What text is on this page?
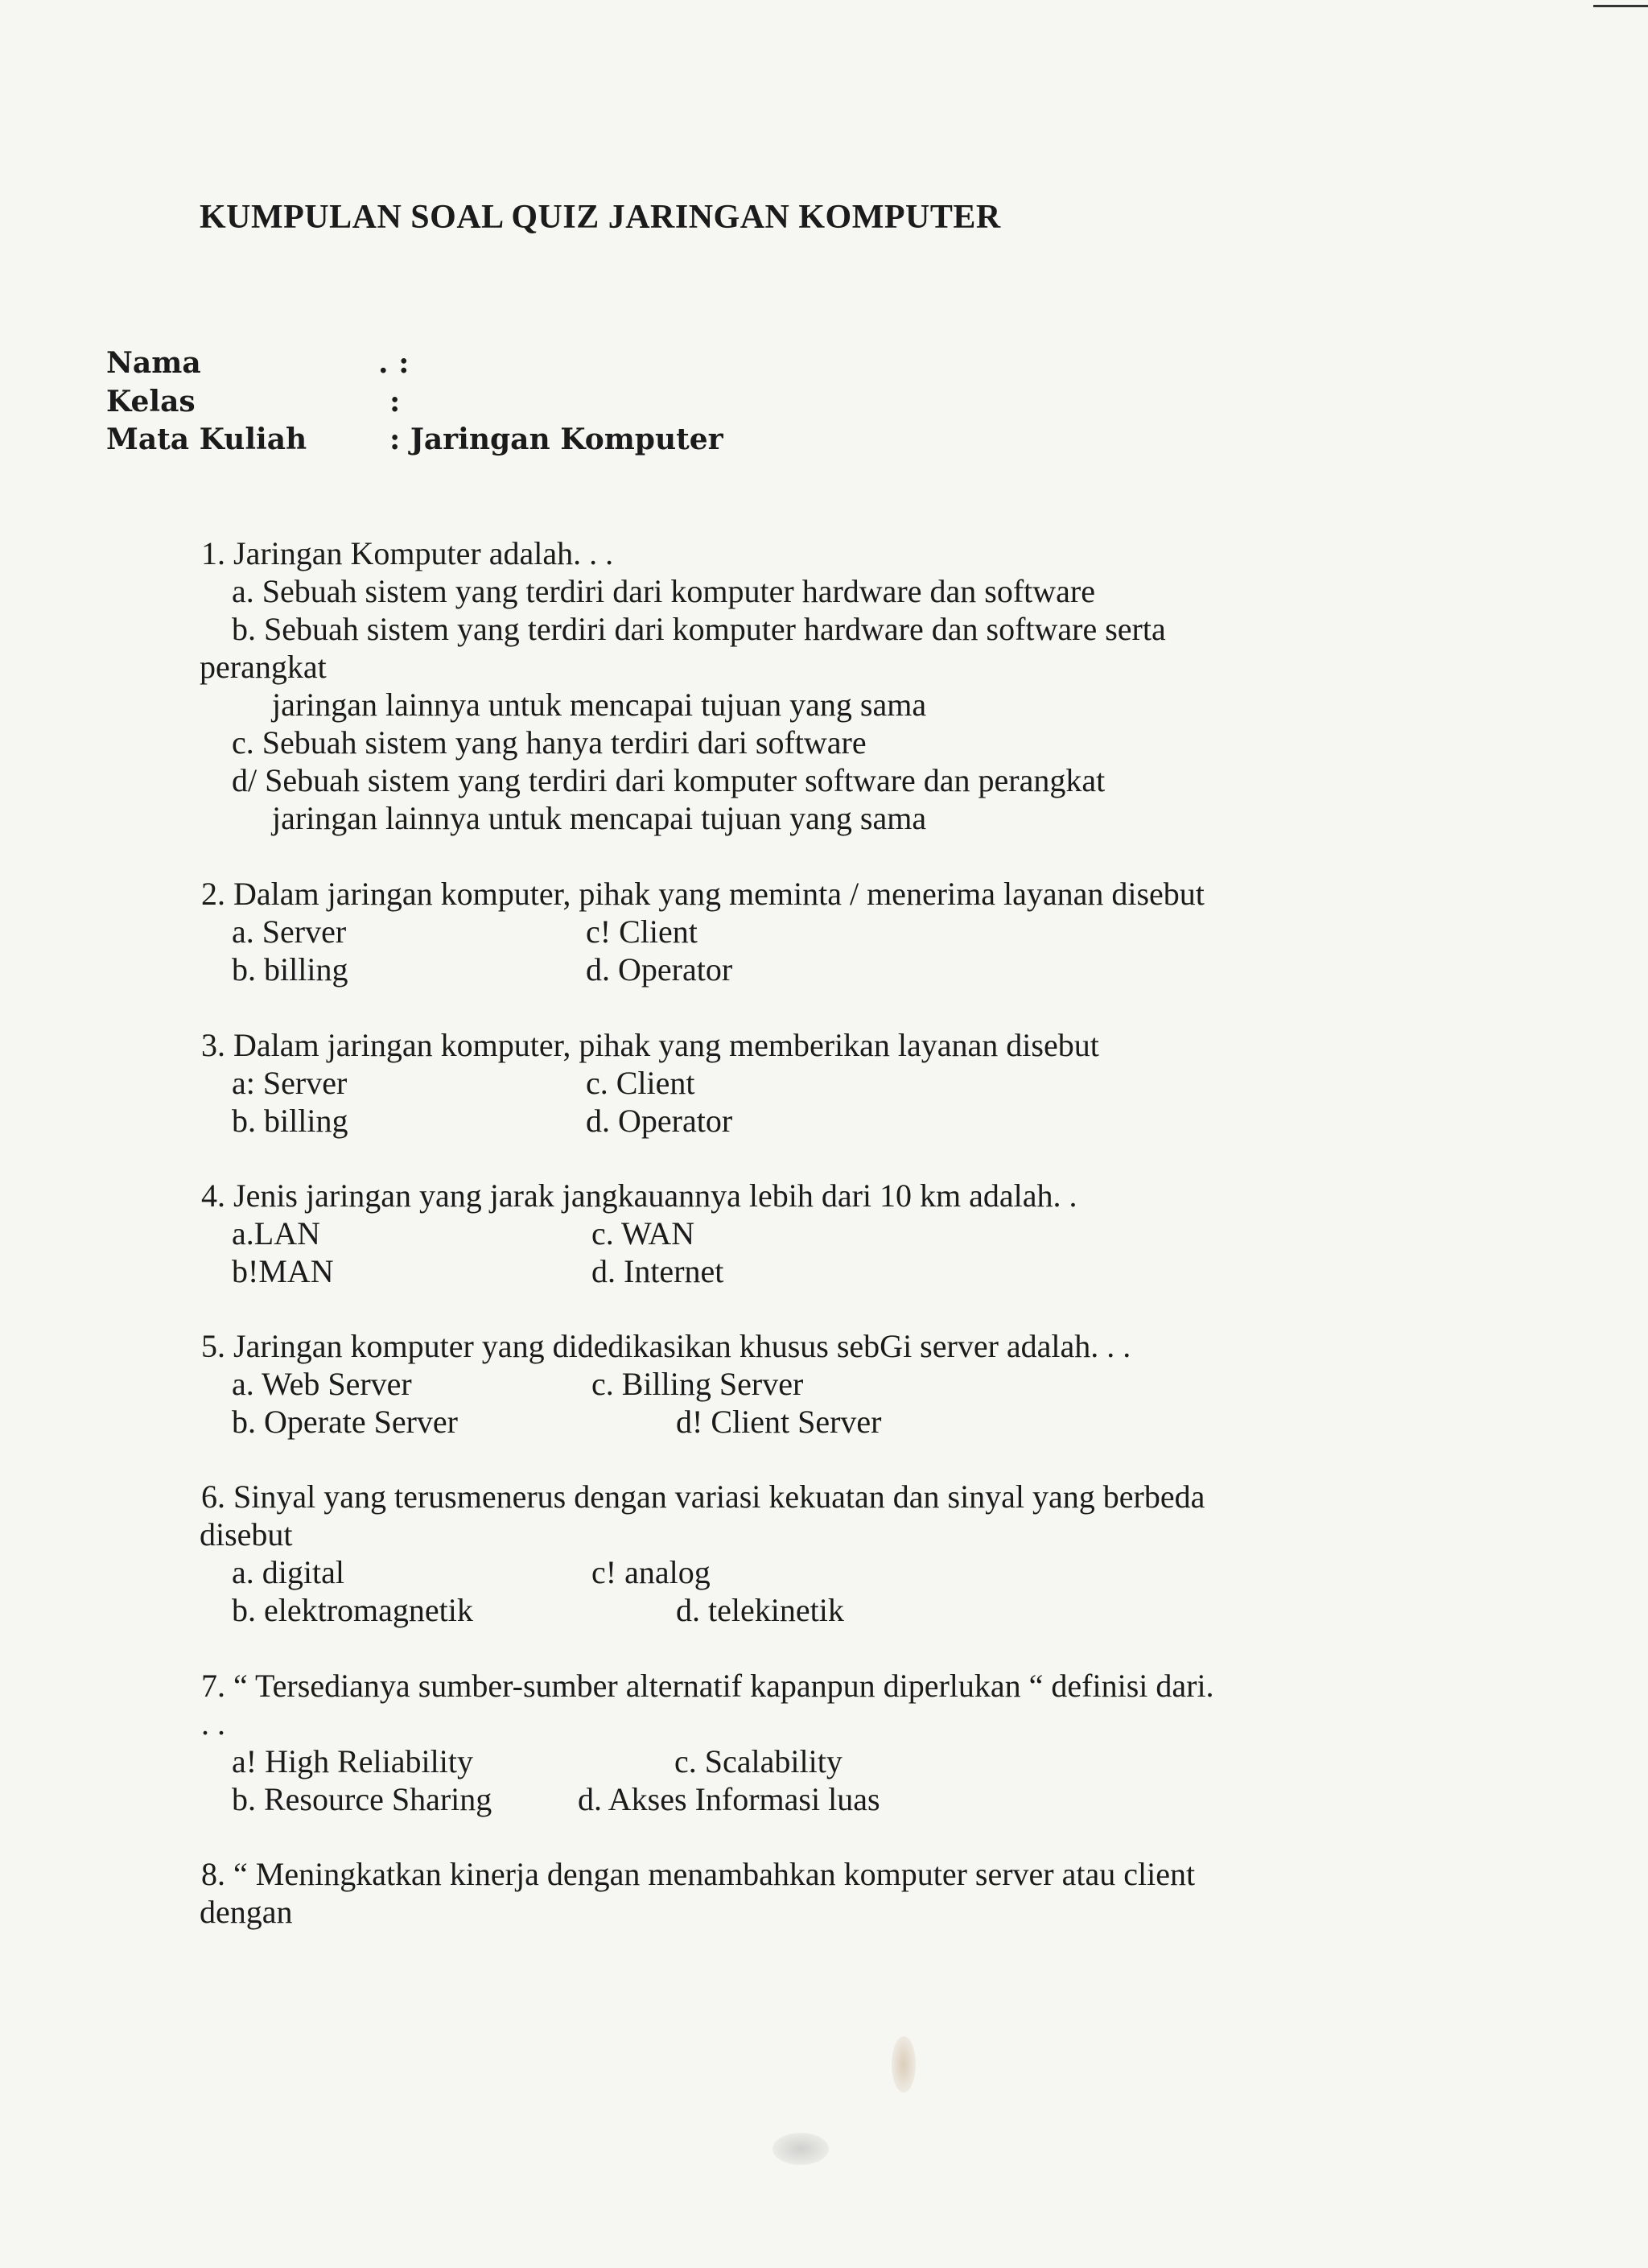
KUMPULAN SOAL QUIZ JARINGAN KOMPUTER
Nama	. :
Kelas	:
Mata Kuliah	: Jaringan Komputer
1. Jaringan Komputer adalah. . .
a. Sebuah sistem yang terdiri dari komputer hardware dan software
b. Sebuah sistem yang terdiri dari komputer hardware dan software serta
perangkat
jaringan lainnya untuk mencapai tujuan yang sama
c. Sebuah sistem yang hanya terdiri dari software
d/ Sebuah sistem yang terdiri dari komputer software dan perangkat
jaringan lainnya untuk mencapai tujuan yang sama
2. Dalam jaringan komputer, pihak yang meminta / menerima layanan disebut
a. Server	c! Client
b. billing	d. Operator
3. Dalam jaringan komputer, pihak yang memberikan layanan disebut
a: Server	c. Client
b. billing	d. Operator
4. Jenis jaringan yang jarak jangkauannya lebih dari 10 km adalah. .
a.LAN	c. WAN
b!MAN	d. Internet
5. Jaringan komputer yang didedikasikan khusus sebGi server adalah. . .
a. Web Server	c. Billing Server
b. Operate Server	d! Client Server
6. Sinyal yang terusmenerus dengan variasi kekuatan dan sinyal yang berbeda
disebut
a. digital	c! analog
b. elektromagnetik	d. telekinetik
7. “ Tersedianya sumber-sumber alternatif kapanpun diperlukan “ definisi dari.
. .
a! High Reliability	c. Scalability
b. Resource Sharing	d. Akses Informasi luas
8. “ Meningkatkan kinerja dengan menambahkan komputer server atau client
dengan
